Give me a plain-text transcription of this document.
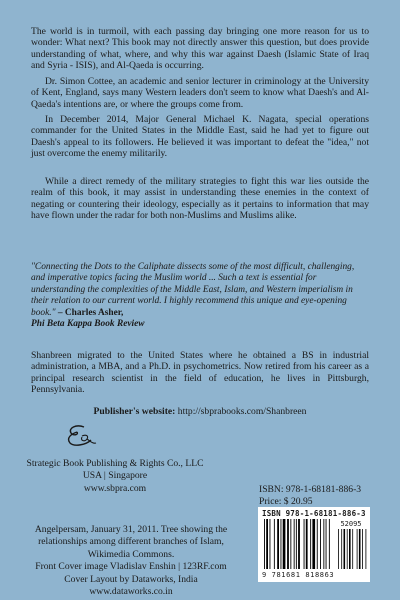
The world is in turmoil, with each passing day bringing one more reason for us to wonder: What next? This book may not directly answer this question, but does provide understanding of what, where, and why this war against Daesh (Islamic State of Iraq and Syria - ISIS), and Al-Qaeda is occurring.

Dr. Simon Cottee, an academic and senior lecturer in criminology at the University of Kent, England, says many Western leaders don't seem to know what Daesh's and Al-Qaeda's intentions are, or where the groups come from.

In December 2014, Major General Michael K. Nagata, special operations commander for the United States in the Middle East, said he had yet to figure out Daesh's appeal to its followers. He believed it was important to defeat the "idea," not just overcome the enemy militarily.

While a direct remedy of the military strategies to fight this war lies outside the realm of this book, it may assist in understanding these enemies in the context of negating or countering their ideology, especially as it pertains to information that may have flown under the radar for both non-Muslims and Muslims alike.

"Connecting the Dots to the Caliphate dissects some of the most difficult, challenging, and imperative topics facing the Muslim world ... Such a text is essential for understanding the complexities of the Middle East, Islam, and Western imperialism in their relation to our current world. I highly recommend this unique and eye-opening book." – Charles Asher,
Phi Beta Kappa Book Review

Shanbreen migrated to the United States where he obtained a BS in industrial administration, a MBA, and a Ph.D. in psychometrics. Now retired from his career as a principal research scientist in the field of education, he lives in Pittsburgh, Pennsylvania.

Publisher's website: http://sbprabooks.com/Shanbreen
Strategic Book Publishing & Rights Co., LLC
USA | Singapore
www.sbpra.com
Angelpersam, January 31, 2011. Tree showing the
relationships among different branches of Islam,
Wikimedia Commons.
Front Cover image Vladislav Enshin | 123RF.com
Cover Layout by Dataworks, India
www.dataworks.co.in
ISBN: 978-1-68181-886-3
Price: $ 20.95
ISBN 978-1-68181-886-3
9 781681 818863
52095
